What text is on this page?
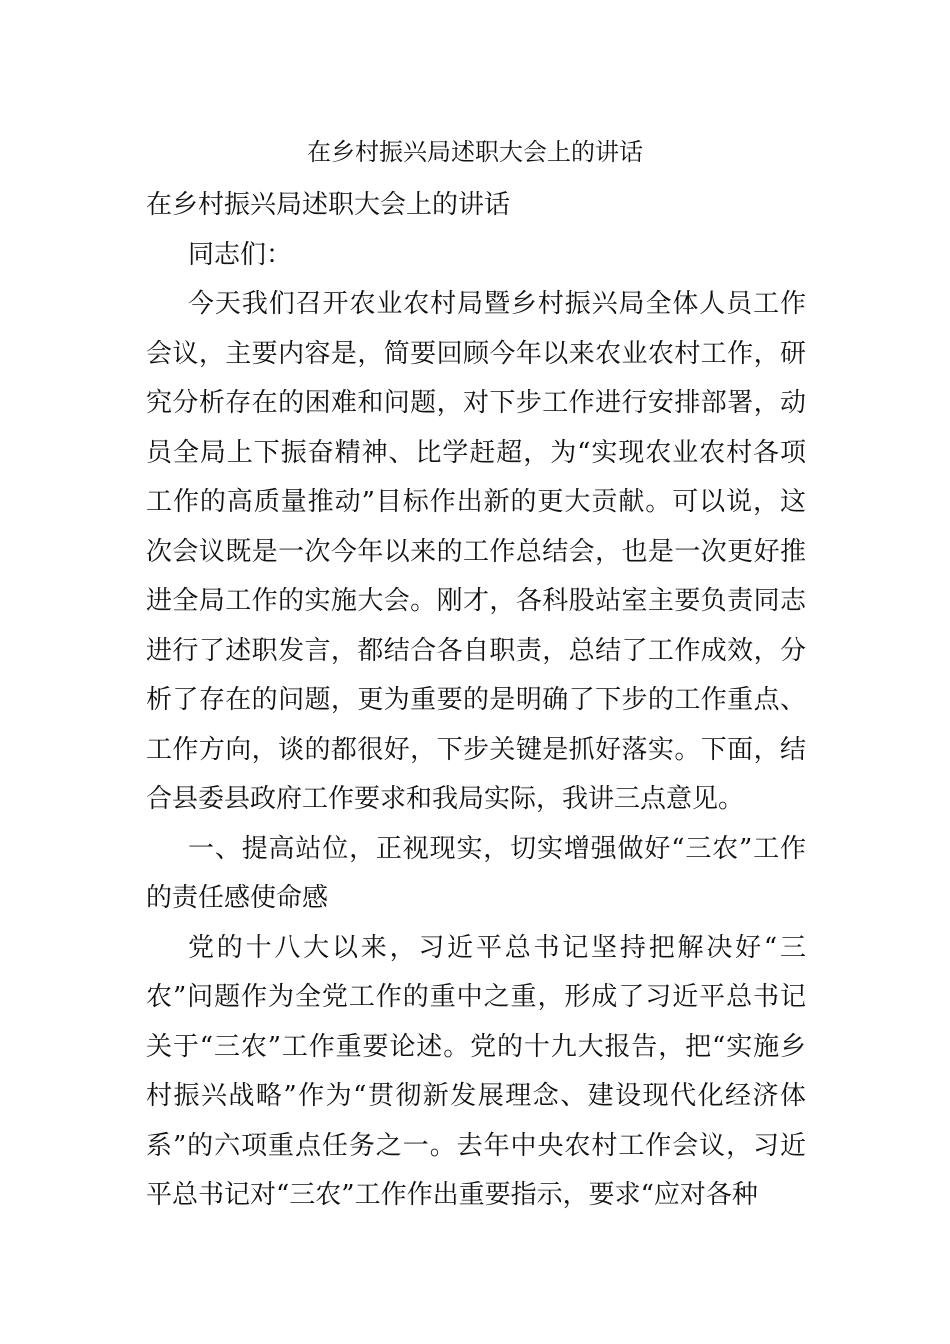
在乡村振兴局述职大会上的讲话

在乡村振兴局述职大会上的讲话

同志们：

今天我们召开农业农村局暨乡村振兴局全体人员工作会议，主要内容是，简要回顾今年以来农业农村工作，研究分析存在的困难和问题，对下步工作进行安排部署，动员全局上下振奋精神、比学赶超，为“实现农业农村各项工作的高质量推动”目标作出新的更大贡献。可以说，这次会议既是一次今年以来的工作总结会，也是一次更好推进全局工作的实施大会。刚才，各科股站室主要负责同志进行了述职发言，都结合各自职责，总结了工作成效，分析了存在的问题，更为重要的是明确了下步的工作重点、工作方向，谈的都很好，下步关键是抓好落实。下面，结合县委县政府工作要求和我局实际，我讲三点意见。

一、提高站位，正视现实，切实增强做好“三农”工作的责任感使命感

党的十八大以来，习近平总书记坚持把解决好“三农”问题作为全党工作的重中之重，形成了习近平总书记关于“三农”工作重要论述。党的十九大报告，把“实施乡村振兴战略”作为“贯彻新发展理念、建设现代化经济体系”的六项重点任务之一。去年中央农村工作会议，习近平总书记对“三农”工作作出重要指示，要求“应对各种
